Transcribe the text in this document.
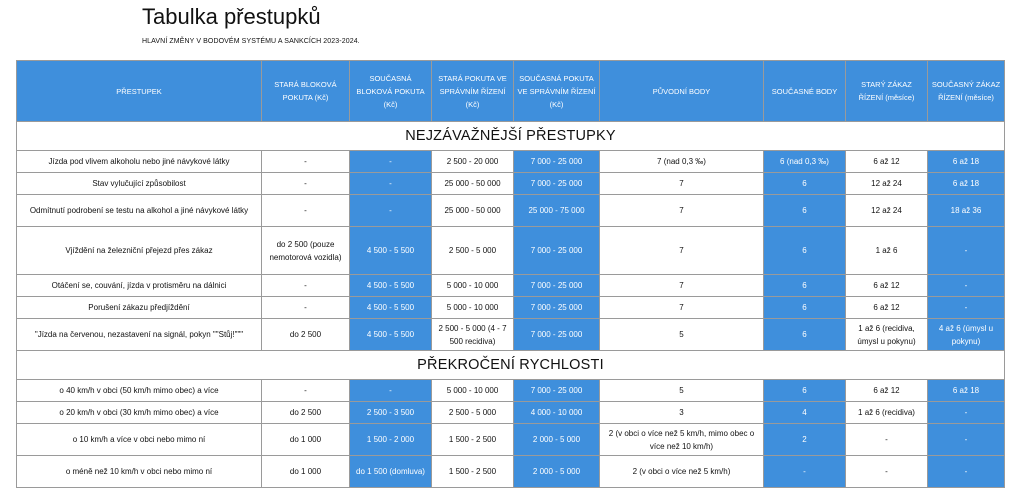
Tabulka přestupků
HLAVNÍ ZMĚNY V BODOVÉM SYSTÉMU A SANKCÍCH 2023-2024.
PŘESTUPEK	STARÁ BLOKOVÁ POKUTA (Kč)	SOUČASNÁ BLOKOVÁ POKUTA (Kč)	STARÁ POKUTA VE SPRÁVNÍM ŘÍZENÍ (Kč)	SOUČASNÁ POKUTA VE SPRÁVNÍM ŘÍZENÍ (Kč)	PŮVODNÍ BODY	SOUČASNÉ BODY	STARÝ ZÁKAZ ŘÍZENÍ (měsíce)	SOUČASNÝ ZÁKAZ ŘÍZENÍ (měsíce)
NEJZÁVAŽNĚJŠÍ PŘESTUPKY								
Jízda pod vlivem alkoholu nebo jiné návykové látky	-	-	2 500 - 20 000	7 000 - 25 000	7 (nad 0,3 ‰)	6 (nad 0,3 ‰)	6 až 12	6 až 18
Stav vylučující způsobilost	-	-	25 000 - 50 000	7 000 - 25 000	7	6	12 až 24	6 až 18
Odmítnutí podrobení se testu na alkohol a jiné návykové látky	-	-	25 000 - 50 000	25 000 - 75 000	7	6	12 až 24	18 až 36
Vjíždění na železniční přejezd přes zákaz	do 2 500 (pouze nemotorová vozidla)	4 500 - 5 500	2 500 - 5 000	7 000 - 25 000	7	6	1 až 6	-
Otáčení se, couvání, jízda v protisměru na dálnici	-	4 500 - 5 500	5 000 - 10 000	7 000 - 25 000	7	6	6 až 12	-
Porušení zákazu předjíždění	-	4 500 - 5 500	5 000 - 10 000	7 000 - 25 000	7	6	6 až 12	-
"Jízda na červenou, nezastavení na signál, pokyn ""Stůj!"""	do 2 500	4 500 - 5 500	2 500 - 5 000 (4 - 7 500 recidiva)	7 000 - 25 000	5	6	1 až 6 (recidiva, úmysl u pokynu)	4 až 6 (úmysl u pokynu)
PŘEKROČENÍ RYCHLOSTI								
o 40 km/h v obci (50 km/h mimo obec) a více	-	-	5 000 - 10 000	7 000 - 25 000	5	6	6 až 12	6 až 18
o 20 km/h v obci (30 km/h mimo obec) a více	do 2 500	2 500 - 3 500	2 500 - 5 000	4 000 - 10 000	3	4	1 až 6 (recidiva)	-
o 10 km/h a více v obci nebo mimo ní	do 1 000	1 500 - 2 000	1 500 - 2 500	2 000 - 5 000	2 (v obci o více než 5 km/h, mimo obec o více než 10 km/h)	2	-	-
o méně než 10 km/h v obci nebo mimo ní	do 1 000	do 1 500 (domluva)	1 500 - 2 500	2 000 - 5 000	2 (v obci o více než 5 km/h)	-	-	-
